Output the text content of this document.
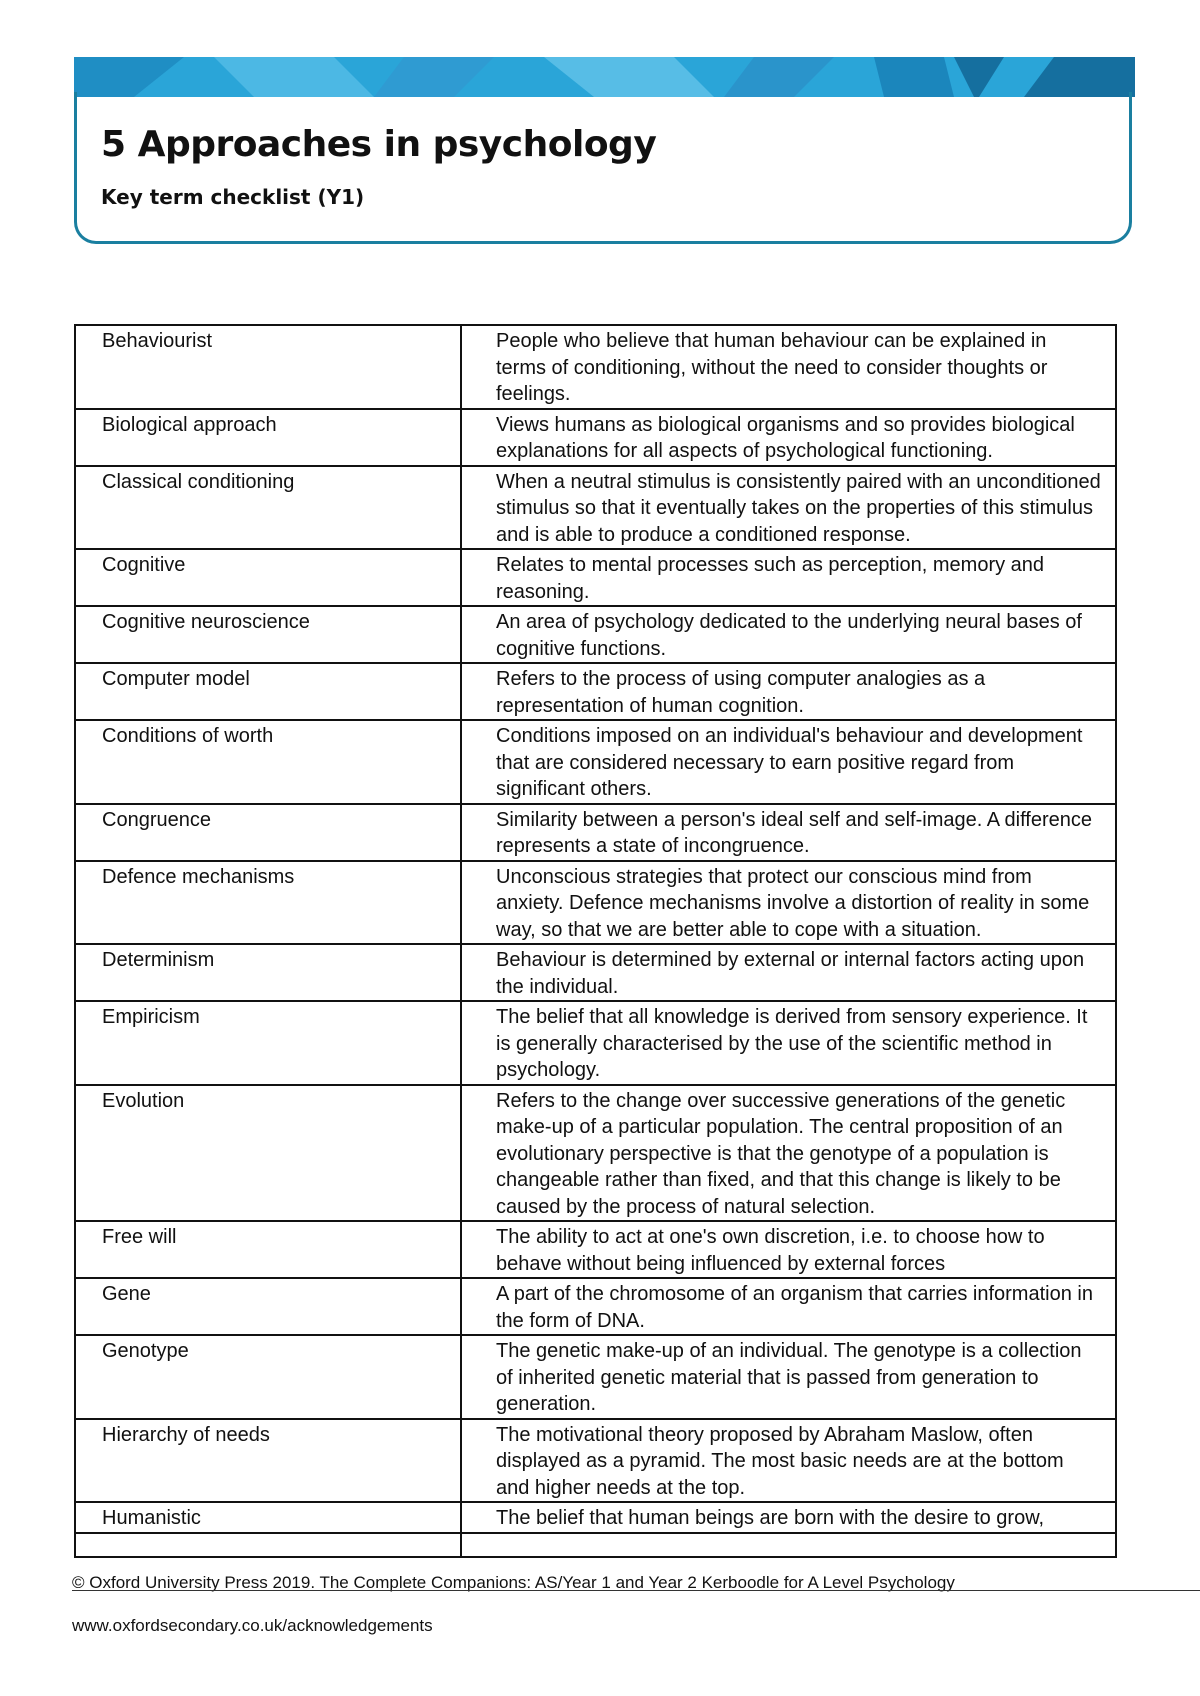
5 Approaches in psychology
Key term checklist (Y1)
Behaviourist	People who believe that human behaviour can be explained in terms of conditioning, without the need to consider thoughts or feelings.
Biological approach	Views humans as biological organisms and so provides biological explanations for all aspects of psychological functioning.
Classical conditioning	When a neutral stimulus is consistently paired with an unconditioned stimulus so that it eventually takes on the properties of this stimulus and is able to produce a conditioned response.
Cognitive	Relates to mental processes such as perception, memory and reasoning.
Cognitive neuroscience	An area of psychology dedicated to the underlying neural bases of cognitive functions.
Computer model	Refers to the process of using computer analogies as a representation of human cognition.
Conditions of worth	Conditions imposed on an individual's behaviour and development that are considered necessary to earn positive regard from significant others.
Congruence	Similarity between a person's ideal self and self-image. A difference represents a state of incongruence.
Defence mechanisms	Unconscious strategies that protect our conscious mind from anxiety. Defence mechanisms involve a distortion of reality in some way, so that we are better able to cope with a situation.
Determinism	Behaviour is determined by external or internal factors acting upon the individual.
Empiricism	The belief that all knowledge is derived from sensory experience. It is generally characterised by the use of the scientific method in psychology.
Evolution	Refers to the change over successive generations of the genetic make-up of a particular population. The central proposition of an evolutionary perspective is that the genotype of a population is changeable rather than fixed, and that this change is likely to be caused by the process of natural selection.
Free will	The ability to act at one's own discretion, i.e. to choose how to behave without being influenced by external forces
Gene	A part of the chromosome of an organism that carries information in the form of DNA.
Genotype	The genetic make-up of an individual. The genotype is a collection of inherited genetic material that is passed from generation to generation.
Hierarchy of needs	The motivational theory proposed by Abraham Maslow, often displayed as a pyramid. The most basic needs are at the bottom and higher needs at the top.
Humanistic	The belief that human beings are born with the desire to grow,

© Oxford University Press 2019. The Complete Companions: AS/Year 1 and Year 2 Kerboodle for A Level Psychology

www.oxfordsecondary.co.uk/acknowledgements
